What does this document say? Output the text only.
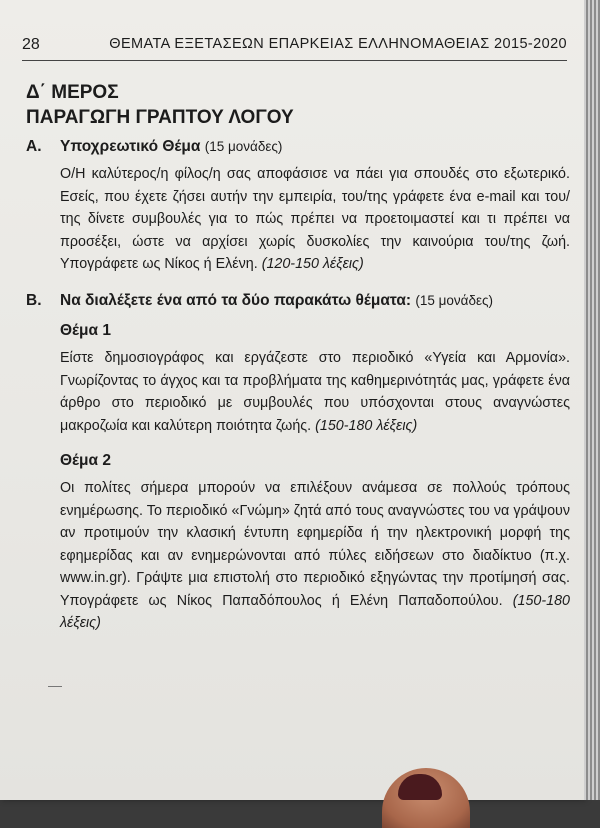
28	ΘΕΜΑΤΑ ΕΞΕΤΑΣΕΩΝ ΕΠΑΡΚΕΙΑΣ ΕΛΛΗΝΟΜΑΘΕΙΑΣ 2015-2020
Δ΄ ΜΕΡΟΣ
ΠΑΡΑΓΩΓΗ ΓΡΑΠΤΟΥ ΛΟΓΟΥ
Α. Υποχρεωτικό Θέμα (15 μονάδες)
Ο/Η καλύτερος/η φίλος/η σας αποφάσισε να πάει για σπουδές στο εξωτερικό. Εσείς, που έχετε ζήσει αυτήν την εμπειρία, του/της γράφετε ένα e-mail και του/της δίνετε συμβουλές για το πώς πρέπει να προετοιμαστεί και τι πρέπει να προσέξει, ώστε να αρχίσει χωρίς δυσκολίες την καινούρια του/της ζωή. Υπογράφετε ως Νίκος ή Ελένη. (120-150 λέξεις)
Β. Να διαλέξετε ένα από τα δύο παρακάτω θέματα: (15 μονάδες)
Θέμα 1
Είστε δημοσιογράφος και εργάζεστε στο περιοδικό «Υγεία και Αρμονία». Γνωρίζοντας το άγχος και τα προβλήματα της καθημερινότητάς μας, γράφετε ένα άρθρο στο περιοδικό με συμβουλές που υπόσχονται στους αναγνώστες μακροζωία και καλύτερη ποιότητα ζωής. (150-180 λέξεις)
Θέμα 2
Οι πολίτες σήμερα μπορούν να επιλέξουν ανάμεσα σε πολλούς τρόπους ενημέρωσης. Το περιοδικό «Γνώμη» ζητά από τους αναγνώστες του να γράψουν αν προτιμούν την κλασική έντυπη εφημερίδα ή την ηλεκτρονική μορφή της εφημερίδας και αν ενημερώνονται από πύλες ειδήσεων στο διαδίκτυο (π.χ. www.in.gr). Γράψτε μια επιστολή στο περιοδικό εξηγώντας την προτίμησή σας. Υπογράφετε ως Νίκος Παπαδόπουλος ή Ελένη Παπαδοπούλου. (150-180 λέξεις)
